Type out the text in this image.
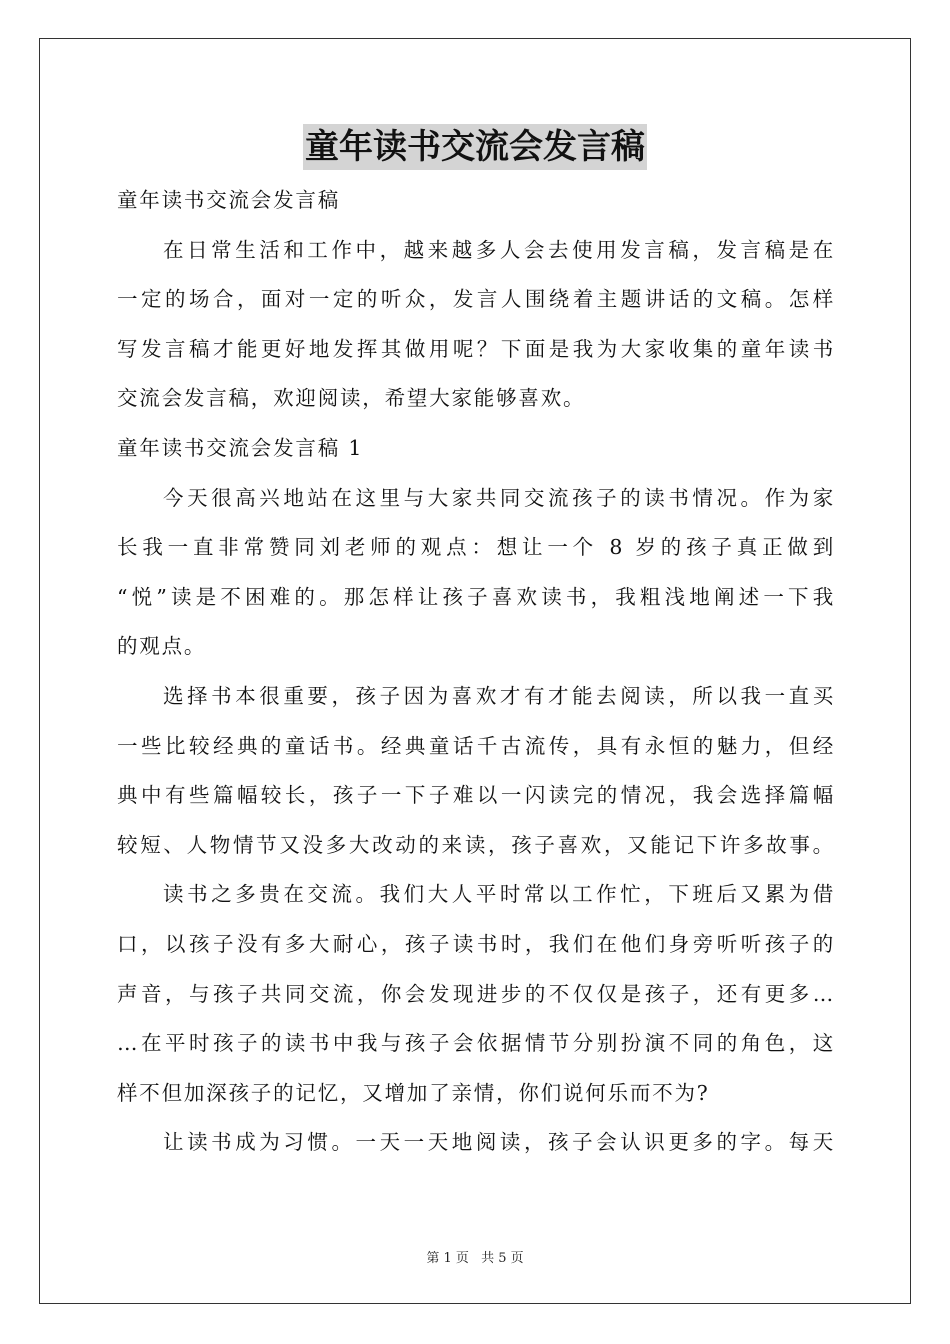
童年读书交流会发言稿
童年读书交流会发言稿
在日常生活和工作中，越来越多人会去使用发言稿，发言稿是在
一定的场合，面对一定的听众，发言人围绕着主题讲话的文稿。怎样
写发言稿才能更好地发挥其做用呢？下面是我为大家收集的童年读书
交流会发言稿，欢迎阅读，希望大家能够喜欢。
童年读书交流会发言稿 1
今天很高兴地站在这里与大家共同交流孩子的读书情况。作为家
长我一直非常赞同刘老师的观点：想让一个 8 岁的孩子真正做到
“悦”读是不困难的。那怎样让孩子喜欢读书，我粗浅地阐述一下我
的观点。
选择书本很重要，孩子因为喜欢才有才能去阅读，所以我一直买
一些比较经典的童话书。经典童话千古流传，具有永恒的魅力，但经
典中有些篇幅较长，孩子一下子难以一闪读完的情况，我会选择篇幅
较短、人物情节又没多大改动的来读，孩子喜欢，又能记下许多故事。
读书之多贵在交流。我们大人平时常以工作忙，下班后又累为借
口，以孩子没有多大耐心，孩子读书时，我们在他们身旁听听孩子的
声音，与孩子共同交流，你会发现进步的不仅仅是孩子，还有更多…
…在平时孩子的读书中我与孩子会依据情节分别扮演不同的角色，这
样不但加深孩子的记忆，又增加了亲情，你们说何乐而不为?
让读书成为习惯。一天一天地阅读，孩子会认识更多的字。每天
第 1 页 共 5 页
